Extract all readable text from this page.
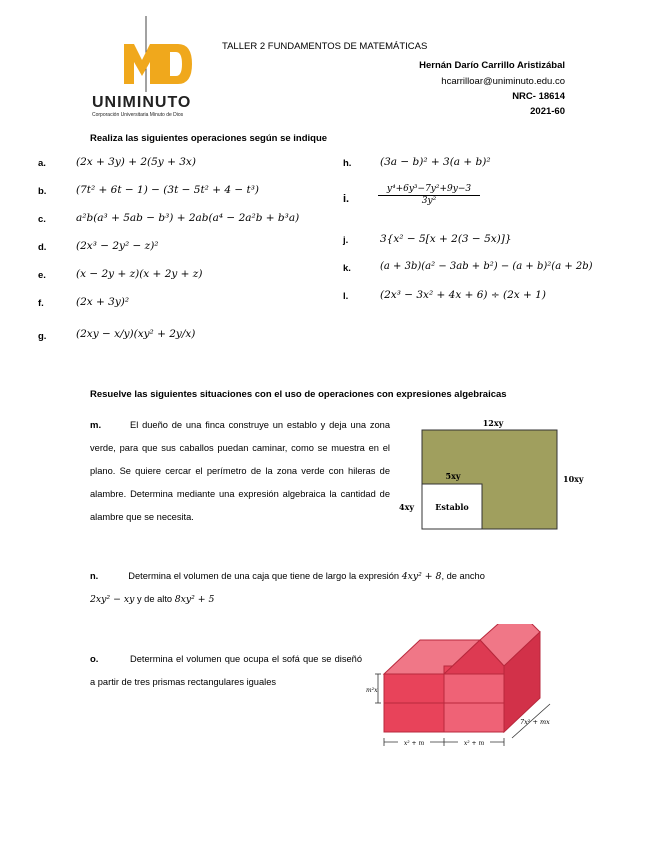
UNIMINUTO
Corporación Universitaria Minuto de Dios
TALLER 2 FUNDAMENTOS DE MATEMÁTICAS
Hernán Darío Carrillo Aristizábal
hcarrilloar@uniminuto.edu.co
NRC- 18614
2021-60
Realiza las siguientes operaciones según se indique
a.	(2x + 3y) + 2(5y + 3x)
b.	(7t² + 6t − 1) − (3t − 5t² + 4 − t³)
c.	a²b(a³ + 5ab − b³) + 2ab(a⁴ − 2a²b + b³a)
d.	(2x³ − 2y² − z)²
e.	(x − 2y + z)(x + 2y + z)
f.	(2x + 3y)²
g.	(2xy − x/y)(xy² + 2y/x)
h.	(3a − b)² + 3(a + b)²
i.	$\frac{\text{y⁴+6y³−7y²+9y−3}}{\text{3y²}}$
j.	3{x² − 5[x + 2(3 − 5x)]}
k.	(a + 3b)(a² − 3ab + b²) − (a + b)²(a + 2b)
l.	(2x³ − 3x² + 4x + 6) ÷ (2x + 1)
Resuelve las siguientes situaciones con el uso de operaciones con expresiones algebraicas
m.	El dueño de una finca construye un establo y deja una zona verde, para que sus caballos puedan caminar, como se muestra en el plano. Se quiere cercar el perímetro de la zona verde con hileras de alambre. Determina mediante una expresión algebraica la cantidad de alambre que se necesita.
12xy
10xy
5xy
4xy	Establo
n.	Determina el volumen de una caja que tiene de largo la expresión 4xy² + 8, de ancho
2xy² − xy y de alto 8xy² + 5
o.	Determina el volumen que ocupa el sofá que se diseñó a partir de tres prismas rectangulares iguales
m²x
x² + m	x² + m
7x² + mx
